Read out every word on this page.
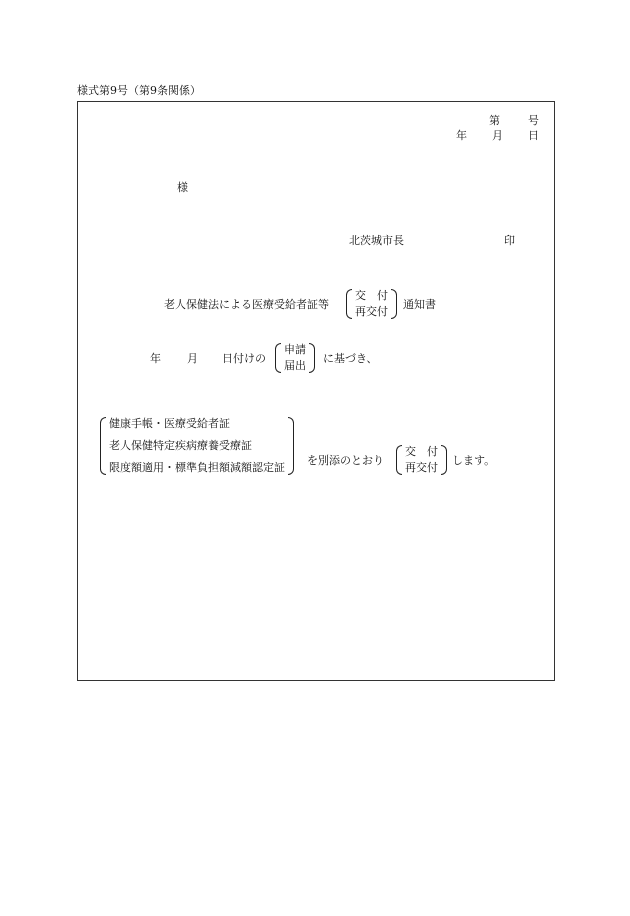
様式第9号（第9条関係）
第	号
年 月 日
様
北茨城市長	印
老人保健法による医療受給者証等
交　付
再交付
通知書
年 月 日付けの
申請
届出
に基づき、
健康手帳・医療受給者証
老人保健特定疾病療養受療証
限度額適用・標準負担額減額認定証
を別添のとおり
交　付
再交付
します。
